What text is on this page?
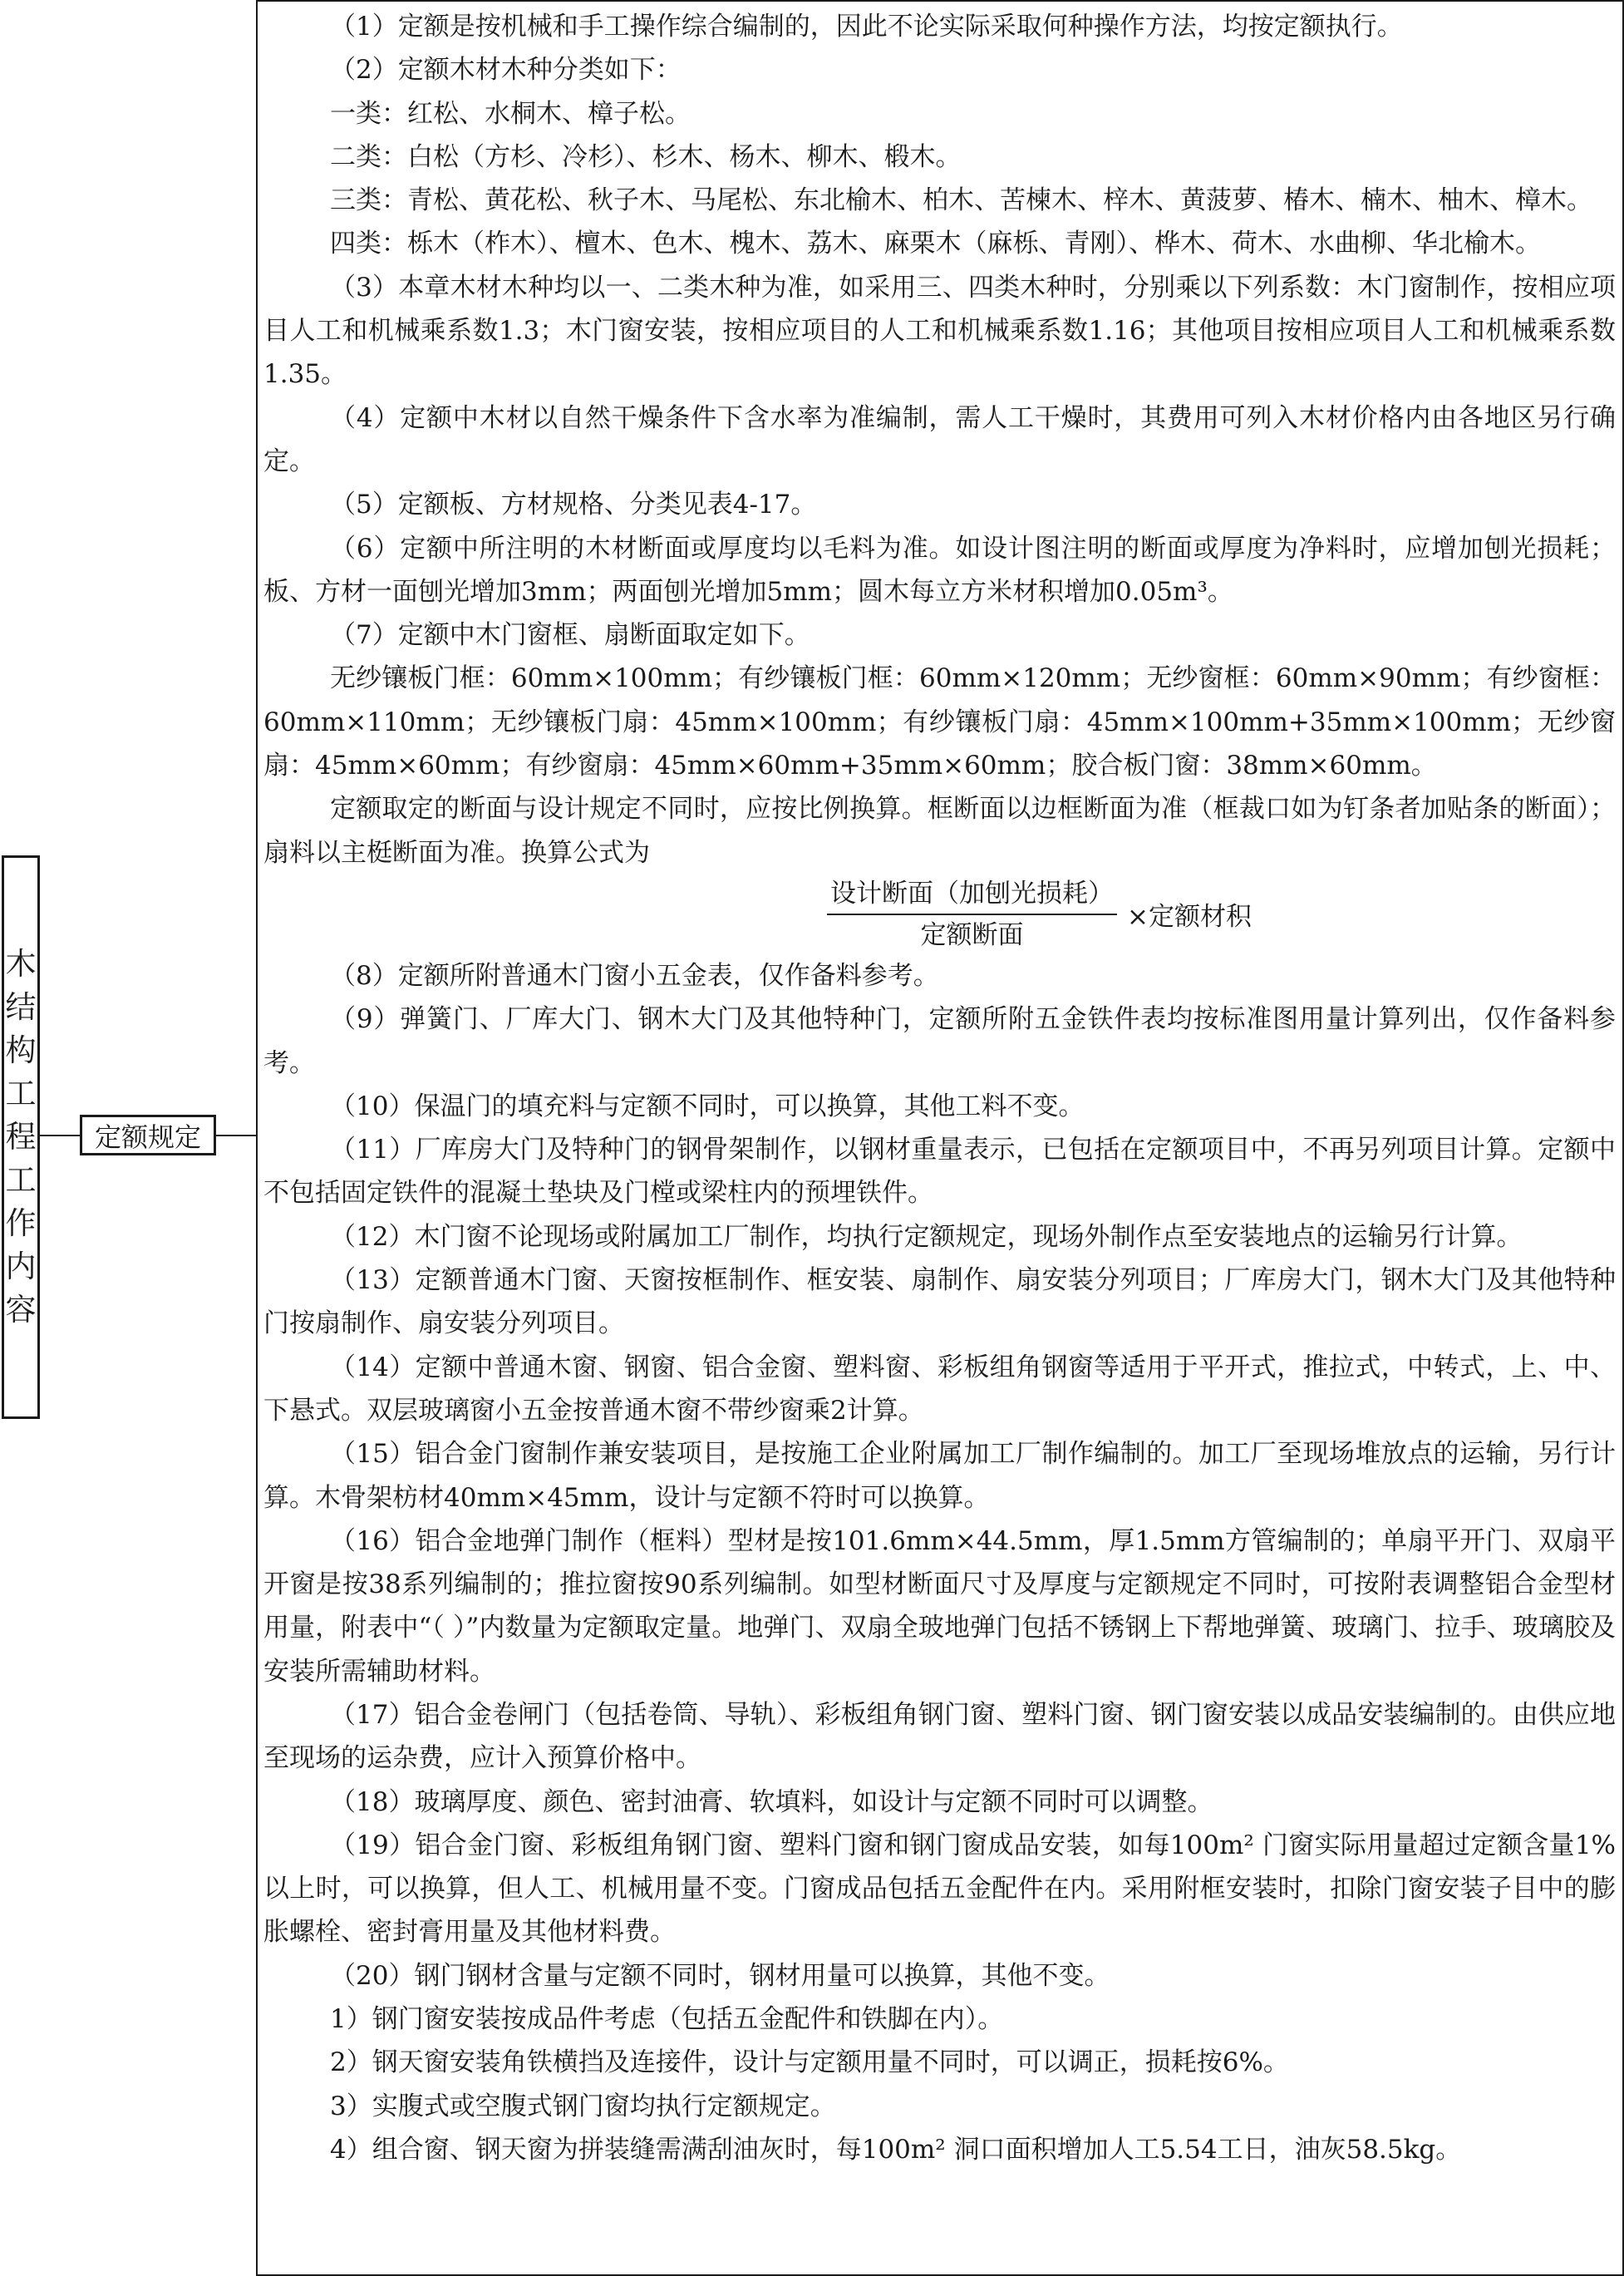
木
结
构
工
程
工
作
内
容
定额规定

（1）定额是按机械和手工操作综合编制的，因此不论实际采取何种操作方法，均按定额执行。

（2）定额木材木种分类如下：

一类：红松、水桐木、樟子松。

二类：白松（方杉、冷杉）、杉木、杨木、柳木、椴木。

三类：青松、黄花松、秋子木、马尾松、东北榆木、柏木、苦楝木、梓木、黄菠萝、椿木、楠木、柚木、樟木。

四类：栎木（柞木）、檀木、色木、槐木、荔木、麻栗木（麻栎、青刚）、桦木、荷木、水曲柳、华北榆木。

（3）本章木材木种均以一、二类木种为准，如采用三、四类木种时，分别乘以下列系数：木门窗制作，按相应项目人工和机械乘系数1.3；木门窗安装，按相应项目的人工和机械乘系数1.16；其他项目按相应项目人工和机械乘系数1.35。

（4）定额中木材以自然干燥条件下含水率为准编制，需人工干燥时，其费用可列入木材价格内由各地区另行确定。

（5）定额板、方材规格、分类见表4-17。

（6）定额中所注明的木材断面或厚度均以毛料为准。如设计图注明的断面或厚度为净料时，应增加刨光损耗；板、方材一面刨光增加3mm；两面刨光增加5mm；圆木每立方米材积增加0.05m³。

（7）定额中木门窗框、扇断面取定如下。

无纱镶板门框：60mm×100mm；有纱镶板门框：60mm×120mm；无纱窗框：60mm×90mm；有纱窗框：60mm×110mm；无纱镶板门扇：45mm×100mm；有纱镶板门扇：45mm×100mm+35mm×100mm；无纱窗扇：45mm×60mm；有纱窗扇：45mm×60mm+35mm×60mm；胶合板门窗：38mm×60mm。

定额取定的断面与设计规定不同时，应按比例换算。框断面以边框断面为准（框裁口如为钉条者加贴条的断面）；扇料以主梃断面为准。换算公式为

$\frac{\text{设计断面（加刨光损耗）}}{\text{定额断面}}$ ×定额材积

（8）定额所附普通木门窗小五金表，仅作备料参考。

（9）弹簧门、厂库大门、钢木大门及其他特种门，定额所附五金铁件表均按标准图用量计算列出，仅作备料参考。

（10）保温门的填充料与定额不同时，可以换算，其他工料不变。

（11）厂库房大门及特种门的钢骨架制作，以钢材重量表示，已包括在定额项目中，不再另列项目计算。定额中不包括固定铁件的混凝土垫块及门樘或梁柱内的预埋铁件。

（12）木门窗不论现场或附属加工厂制作，均执行定额规定，现场外制作点至安装地点的运输另行计算。

（13）定额普通木门窗、天窗按框制作、框安装、扇制作、扇安装分列项目；厂库房大门，钢木大门及其他特种门按扇制作、扇安装分列项目。

（14）定额中普通木窗、钢窗、铝合金窗、塑料窗、彩板组角钢窗等适用于平开式，推拉式，中转式，上、中、下悬式。双层玻璃窗小五金按普通木窗不带纱窗乘2计算。

（15）铝合金门窗制作兼安装项目，是按施工企业附属加工厂制作编制的。加工厂至现场堆放点的运输，另行计算。木骨架枋材40mm×45mm，设计与定额不符时可以换算。

（16）铝合金地弹门制作（框料）型材是按101.6mm×44.5mm，厚1.5mm方管编制的；单扇平开门、双扇平开窗是按38系列编制的；推拉窗按90系列编制。如型材断面尺寸及厚度与定额规定不同时，可按附表调整铝合金型材用量，附表中“（ ）”内数量为定额取定量。地弹门、双扇全玻地弹门包括不锈钢上下帮地弹簧、玻璃门、拉手、玻璃胶及安装所需辅助材料。

（17）铝合金卷闸门（包括卷筒、导轨）、彩板组角钢门窗、塑料门窗、钢门窗安装以成品安装编制的。由供应地至现场的运杂费，应计入预算价格中。

（18）玻璃厚度、颜色、密封油膏、软填料，如设计与定额不同时可以调整。

（19）铝合金门窗、彩板组角钢门窗、塑料门窗和钢门窗成品安装，如每100m² 门窗实际用量超过定额含量1%以上时，可以换算，但人工、机械用量不变。门窗成品包括五金配件在内。采用附框安装时，扣除门窗安装子目中的膨胀螺栓、密封膏用量及其他材料费。

（20）钢门钢材含量与定额不同时，钢材用量可以换算，其他不变。

1）钢门窗安装按成品件考虑（包括五金配件和铁脚在内）。

2）钢天窗安装角铁横挡及连接件，设计与定额用量不同时，可以调正，损耗按6%。

3）实腹式或空腹式钢门窗均执行定额规定。

4）组合窗、钢天窗为拼装缝需满刮油灰时，每100m² 洞口面积增加人工5.54工日，油灰58.5kg。
